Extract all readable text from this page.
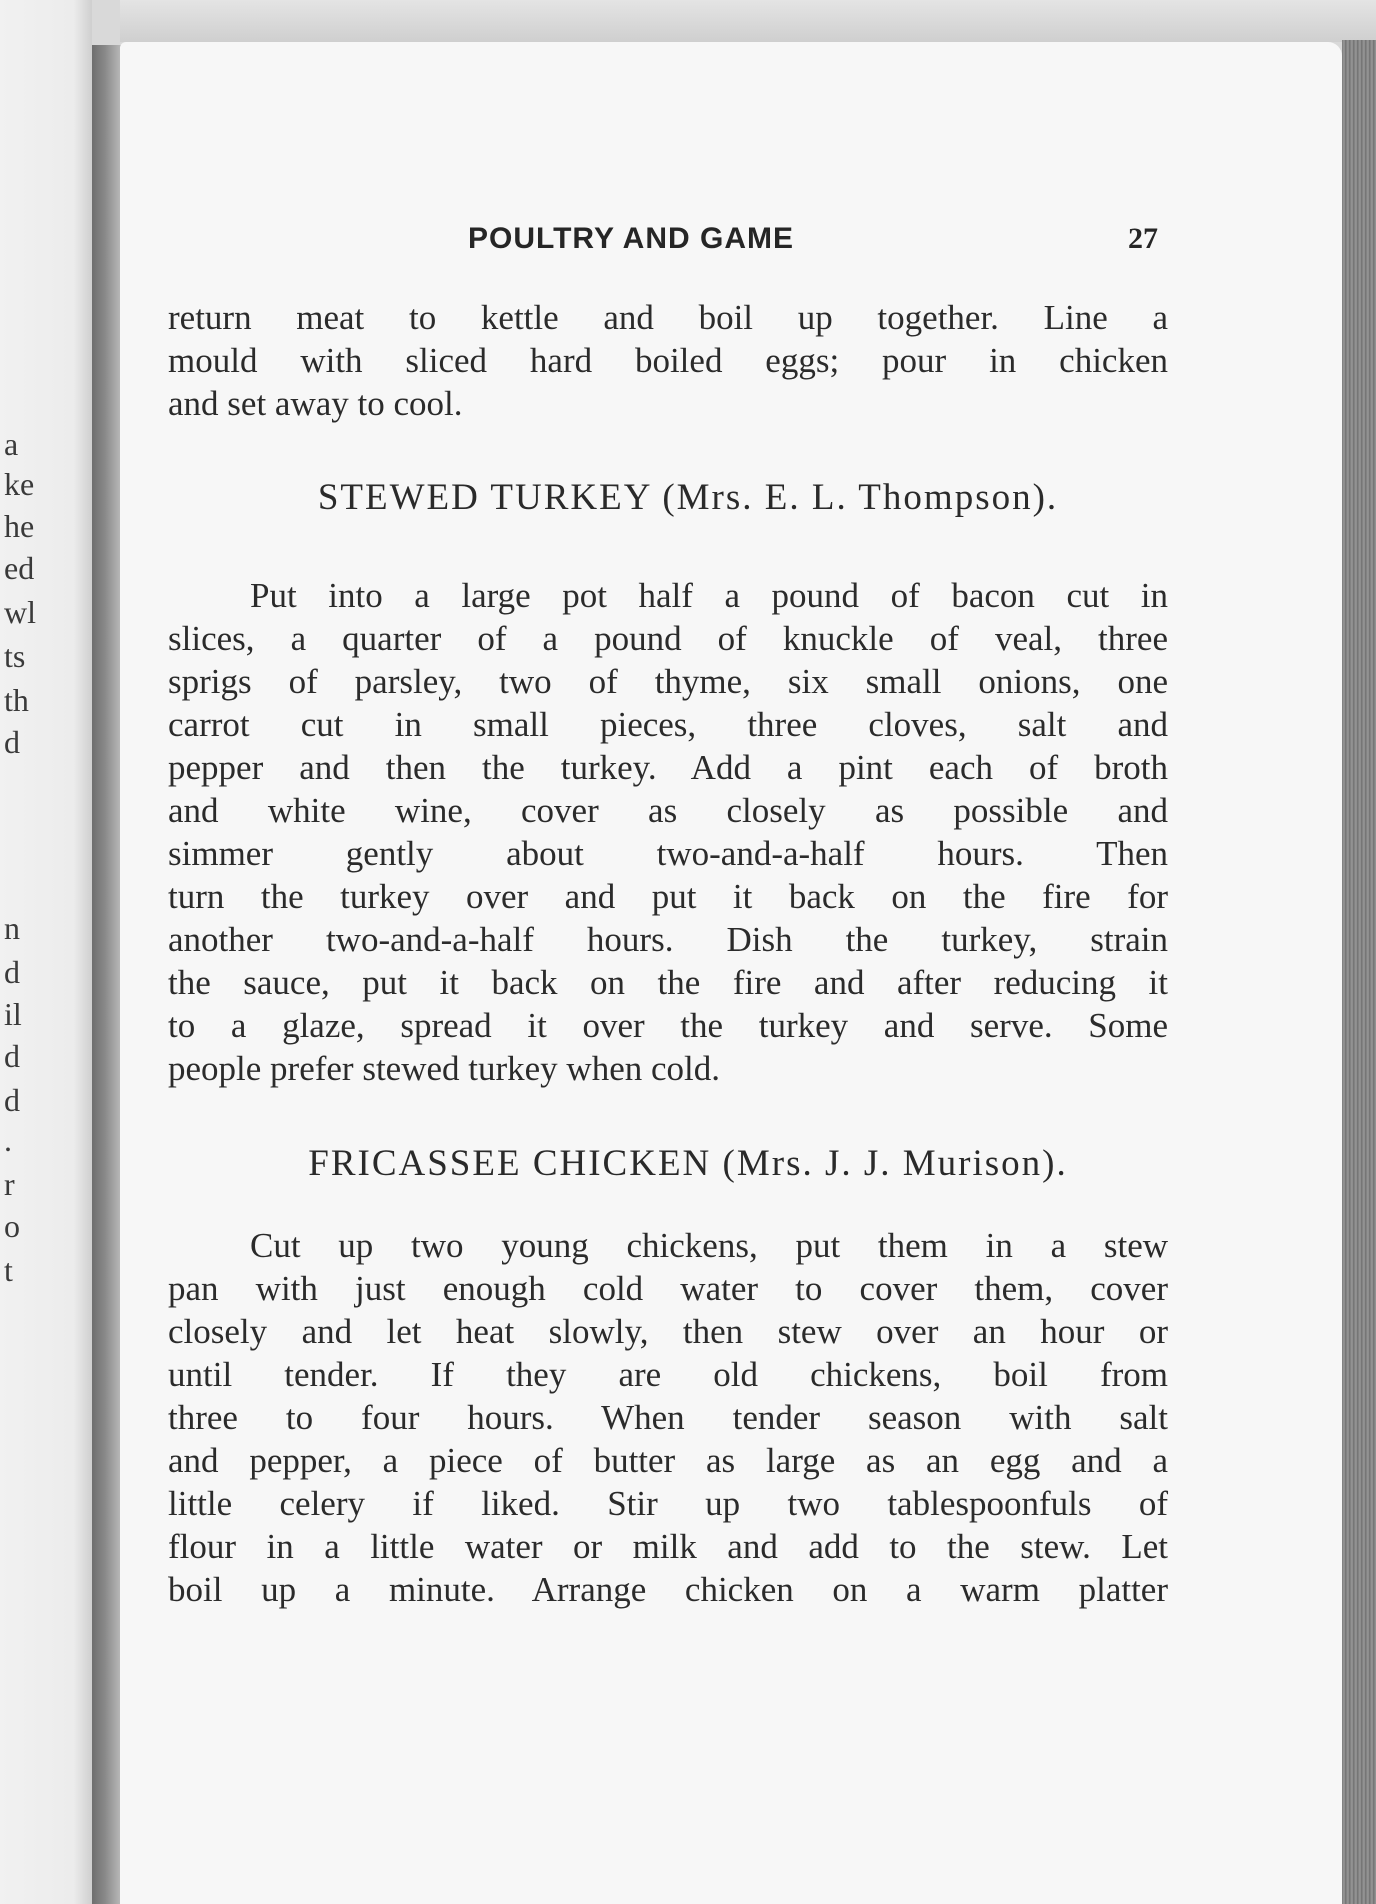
a
ke
he
ed
wl
ts
th
d
n
d
il
d
d
.
r
o
t
POULTRY AND GAME	27
return meat to kettle and boil up together. Line a
mould with sliced hard boiled eggs; pour in chicken
and set away to cool.
STEWED TURKEY (Mrs. E. L. Thompson).
Put into a large pot half a pound of bacon cut in
slices, a quarter of a pound of knuckle of veal, three
sprigs of parsley, two of thyme, six small onions, one
carrot cut in small pieces, three cloves, salt and
pepper and then the turkey. Add a pint each of broth
and white wine, cover as closely as possible and
simmer gently about two-and-a-half hours. Then
turn the turkey over and put it back on the fire for
another two-and-a-half hours. Dish the turkey, strain
the sauce, put it back on the fire and after reducing it
to a glaze, spread it over the turkey and serve. Some
people prefer stewed turkey when cold.
FRICASSEE CHICKEN (Mrs. J. J. Murison).
Cut up two young chickens, put them in a stew
pan with just enough cold water to cover them, cover
closely and let heat slowly, then stew over an hour or
until tender. If they are old chickens, boil from
three to four hours. When tender season with salt
and pepper, a piece of butter as large as an egg and a
little celery if liked. Stir up two tablespoonfuls of
flour in a little water or milk and add to the stew. Let
boil up a minute. Arrange chicken on a warm platter
